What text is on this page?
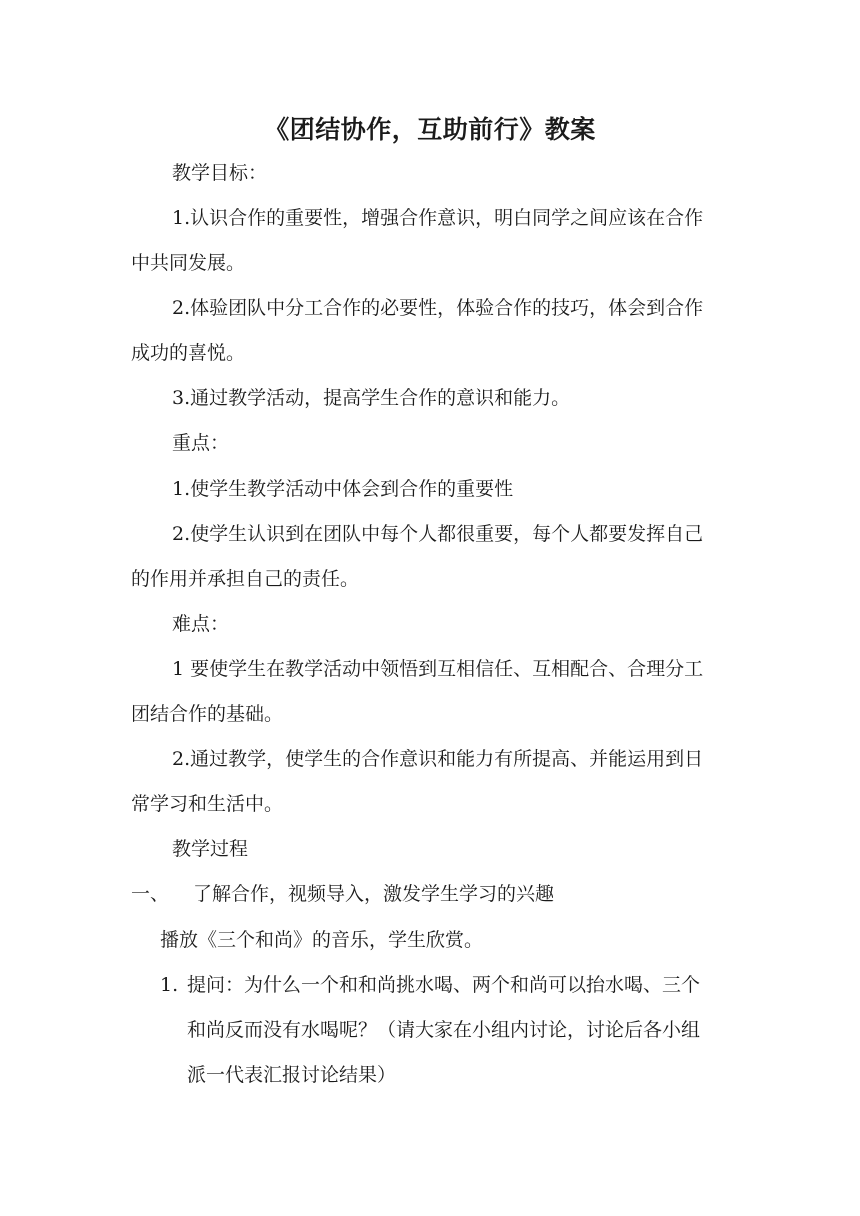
《团结协作，互助前行》教案
教学目标：
1.认识合作的重要性，增强合作意识，明白同学之间应该在合作
中共同发展。
2.体验团队中分工合作的必要性，体验合作的技巧，体会到合作
成功的喜悦。
3.通过教学活动，提高学生合作的意识和能力。
重点：
1.使学生教学活动中体会到合作的重要性
2.使学生认识到在团队中每个人都很重要，每个人都要发挥自己
的作用并承担自己的责任。
难点：
1 要使学生在教学活动中领悟到互相信任、互相配合、合理分工
团结合作的基础。
2.通过教学，使学生的合作意识和能力有所提高、并能运用到日
常学习和生活中。
教学过程
一、 了解合作，视频导入，激发学生学习的兴趣
播放《三个和尚》的音乐，学生欣赏。
1. 提问：为什么一个和和尚挑水喝、两个和尚可以抬水喝、三个
和尚反而没有水喝呢？（请大家在小组内讨论，讨论后各小组
派一代表汇报讨论结果）
